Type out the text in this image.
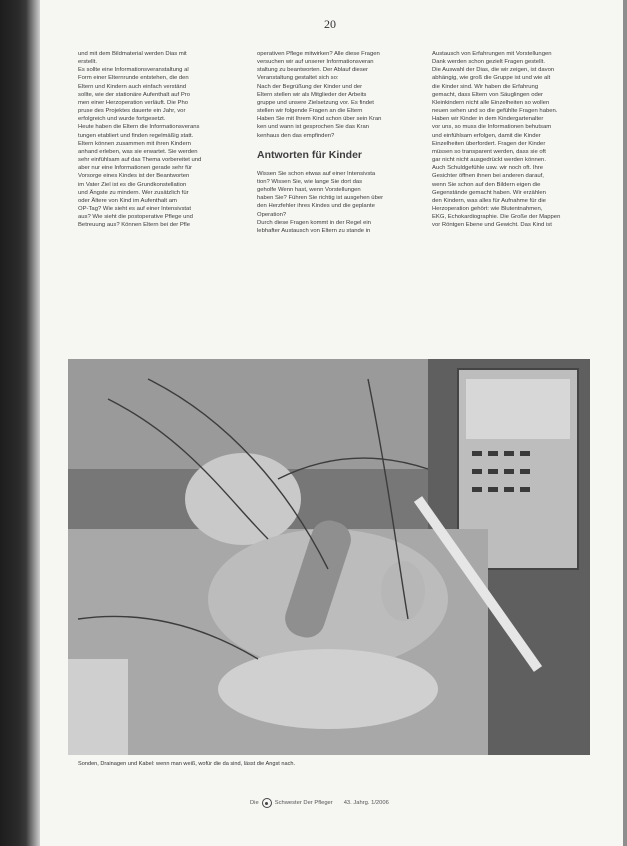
20

und mit dem Bildmaterial werden Dias mit

erstellt.

Es sollte eine Informationsveranstaltung al

Form einer Elternrunde entstehen, die den

Eltern und Kindern auch einfach verständ

sollte, wie der stationäre Aufenthalt auf Pro

men einer Herzoperation verläuft. Die Pho

pruse des Projektes dauerte ein Jahr, vor

erfolgreich und wurde fortgesetzt.

Heute haben die Eltern die Informationsverans

tungen etabliert und finden regelmäßig statt.

Eltern können zusammen mit ihren Kindern

anhand erleben, was sie erwartet. Sie werden

sehr einfühlsam auf das Thema vorbereitet und

aber nur eine Informationen gerade sehr für

Vorsorge eines Kindes ist der Beantworten

im Vater Ziel ist es die Grundkonstellation

und Ängste zu mindern. Wer zusätzlich für

oder Ältere von Kind im Aufenthalt am

OP-Tag? Wie sieht es auf einer Intensivstat

aus? Wie sieht die postoperative Pflege und

Betreuung aus? Können Eltern bei der Pfle

operativen Pflege mitwirken? Alle diese Fragen

versuchen wir auf unserer Informationsveran

staltung zu beantworten. Der Ablauf dieser

Veranstaltung gestaltet sich so:

Nach der Begrüßung der Kinder und der

Eltern stellen wir als Mitglieder der Arbeits

gruppe und unsere Zielsetzung vor. Es findet

stellen wir folgende Fragen an die Eltern

Haben Sie mit Ihrem Kind schon über sein Kran

ken und wann ist gesprochen Sie das Kran

kenhaus den das empfinden?

Antworten für Kinder

Wissen Sie schon etwas auf einer Intensivsta

tion? Wissen Sie, wie lange Sie dort das

geholfe Wenn hast, wenn Vorstellungen

haben Sie? Führen Sie richtig ist ausgehen über

den Herzfehler ihres Kindes und die geplante

Operation?

Durch diese Fragen kommt in der Regel ein

lebhafter Austausch von Eltern zu stande in

Austausch von Erfahrungen mit Vorstellungen

Dank werden schon gezielt Fragen gestellt.

Die Auswahl der Dias, die wir zeigen, ist davon

abhängig, wie groß die Gruppe ist und wie alt

die Kinder sind. Wir haben die Erfahrung

gemacht, dass Eltern von Säuglingen oder

Kleinkindern nicht alle Einzelheiten so wollen

neuen sehen und so die gefühlte Fragen haben.

Haben wir Kinder in dem Kindergartenalter

vor uns, so muss die Informationen behutsam

und einfühlsam erfolgen, damit die Kinder

Einzelheiten überfordert. Fragen der Kinder

müssen so transparent werden, dass sie oft

gar nicht nicht ausgedrückt werden können.

Auch Schuldgefühle usw. wir noch oft. Ihre

Gesichter öffnen ihnen bei anderen darauf,

wenn Sie schon auf den Bildern eigen die

Gegenstände gemacht haben. Wir erzählen

den Kindern, was alles für Aufnahme für die

Herzoperation gehört: wie Blutentnahmen,

EKG, Echokardiographie. Die Große der Mappen

vor Röntgen Ebene und Gewicht. Das Kind ist

Sonden, Drainagen und Kabel: wenn man weiß, wofür die da sind, lässt die Angst nach.
Die	Schwester Der Pfleger 43. Jahrg. 1/2006
